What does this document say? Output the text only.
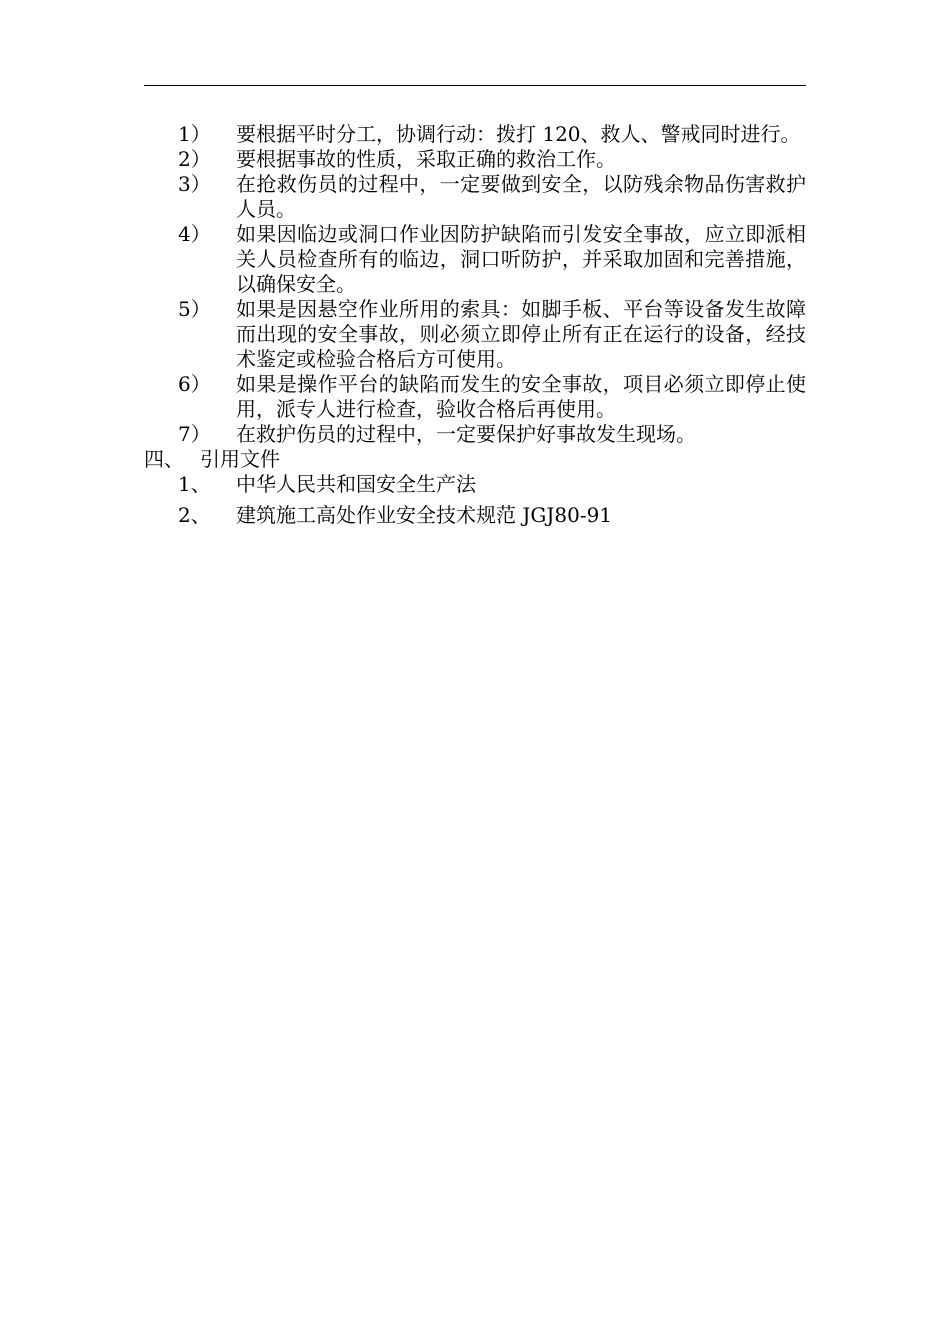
1）	要根据平时分工，协调行动：拨打 120、救人、警戒同时进行。
2）	要根据事故的性质，采取正确的救治工作。
3）	在抢救伤员的过程中，一定要做到安全，以防残余物品伤害救护人员。
4）	如果因临边或洞口作业因防护缺陷而引发安全事故，应立即派相关人员检查所有的临边，洞口听防护，并采取加固和完善措施，以确保安全。
5）	如果是因悬空作业所用的索具：如脚手板、平台等设备发生故障而出现的安全事故，则必须立即停止所有正在运行的设备，经技术鉴定或检验合格后方可使用。
6）	如果是操作平台的缺陷而发生的安全事故，项目必须立即停止使用，派专人进行检查，验收合格后再使用。
7）	在救护伤员的过程中，一定要保护好事故发生现场。
四、 引用文件
1、	中华人民共和国安全生产法
2、	建筑施工高处作业安全技术规范 JGJ80-91
